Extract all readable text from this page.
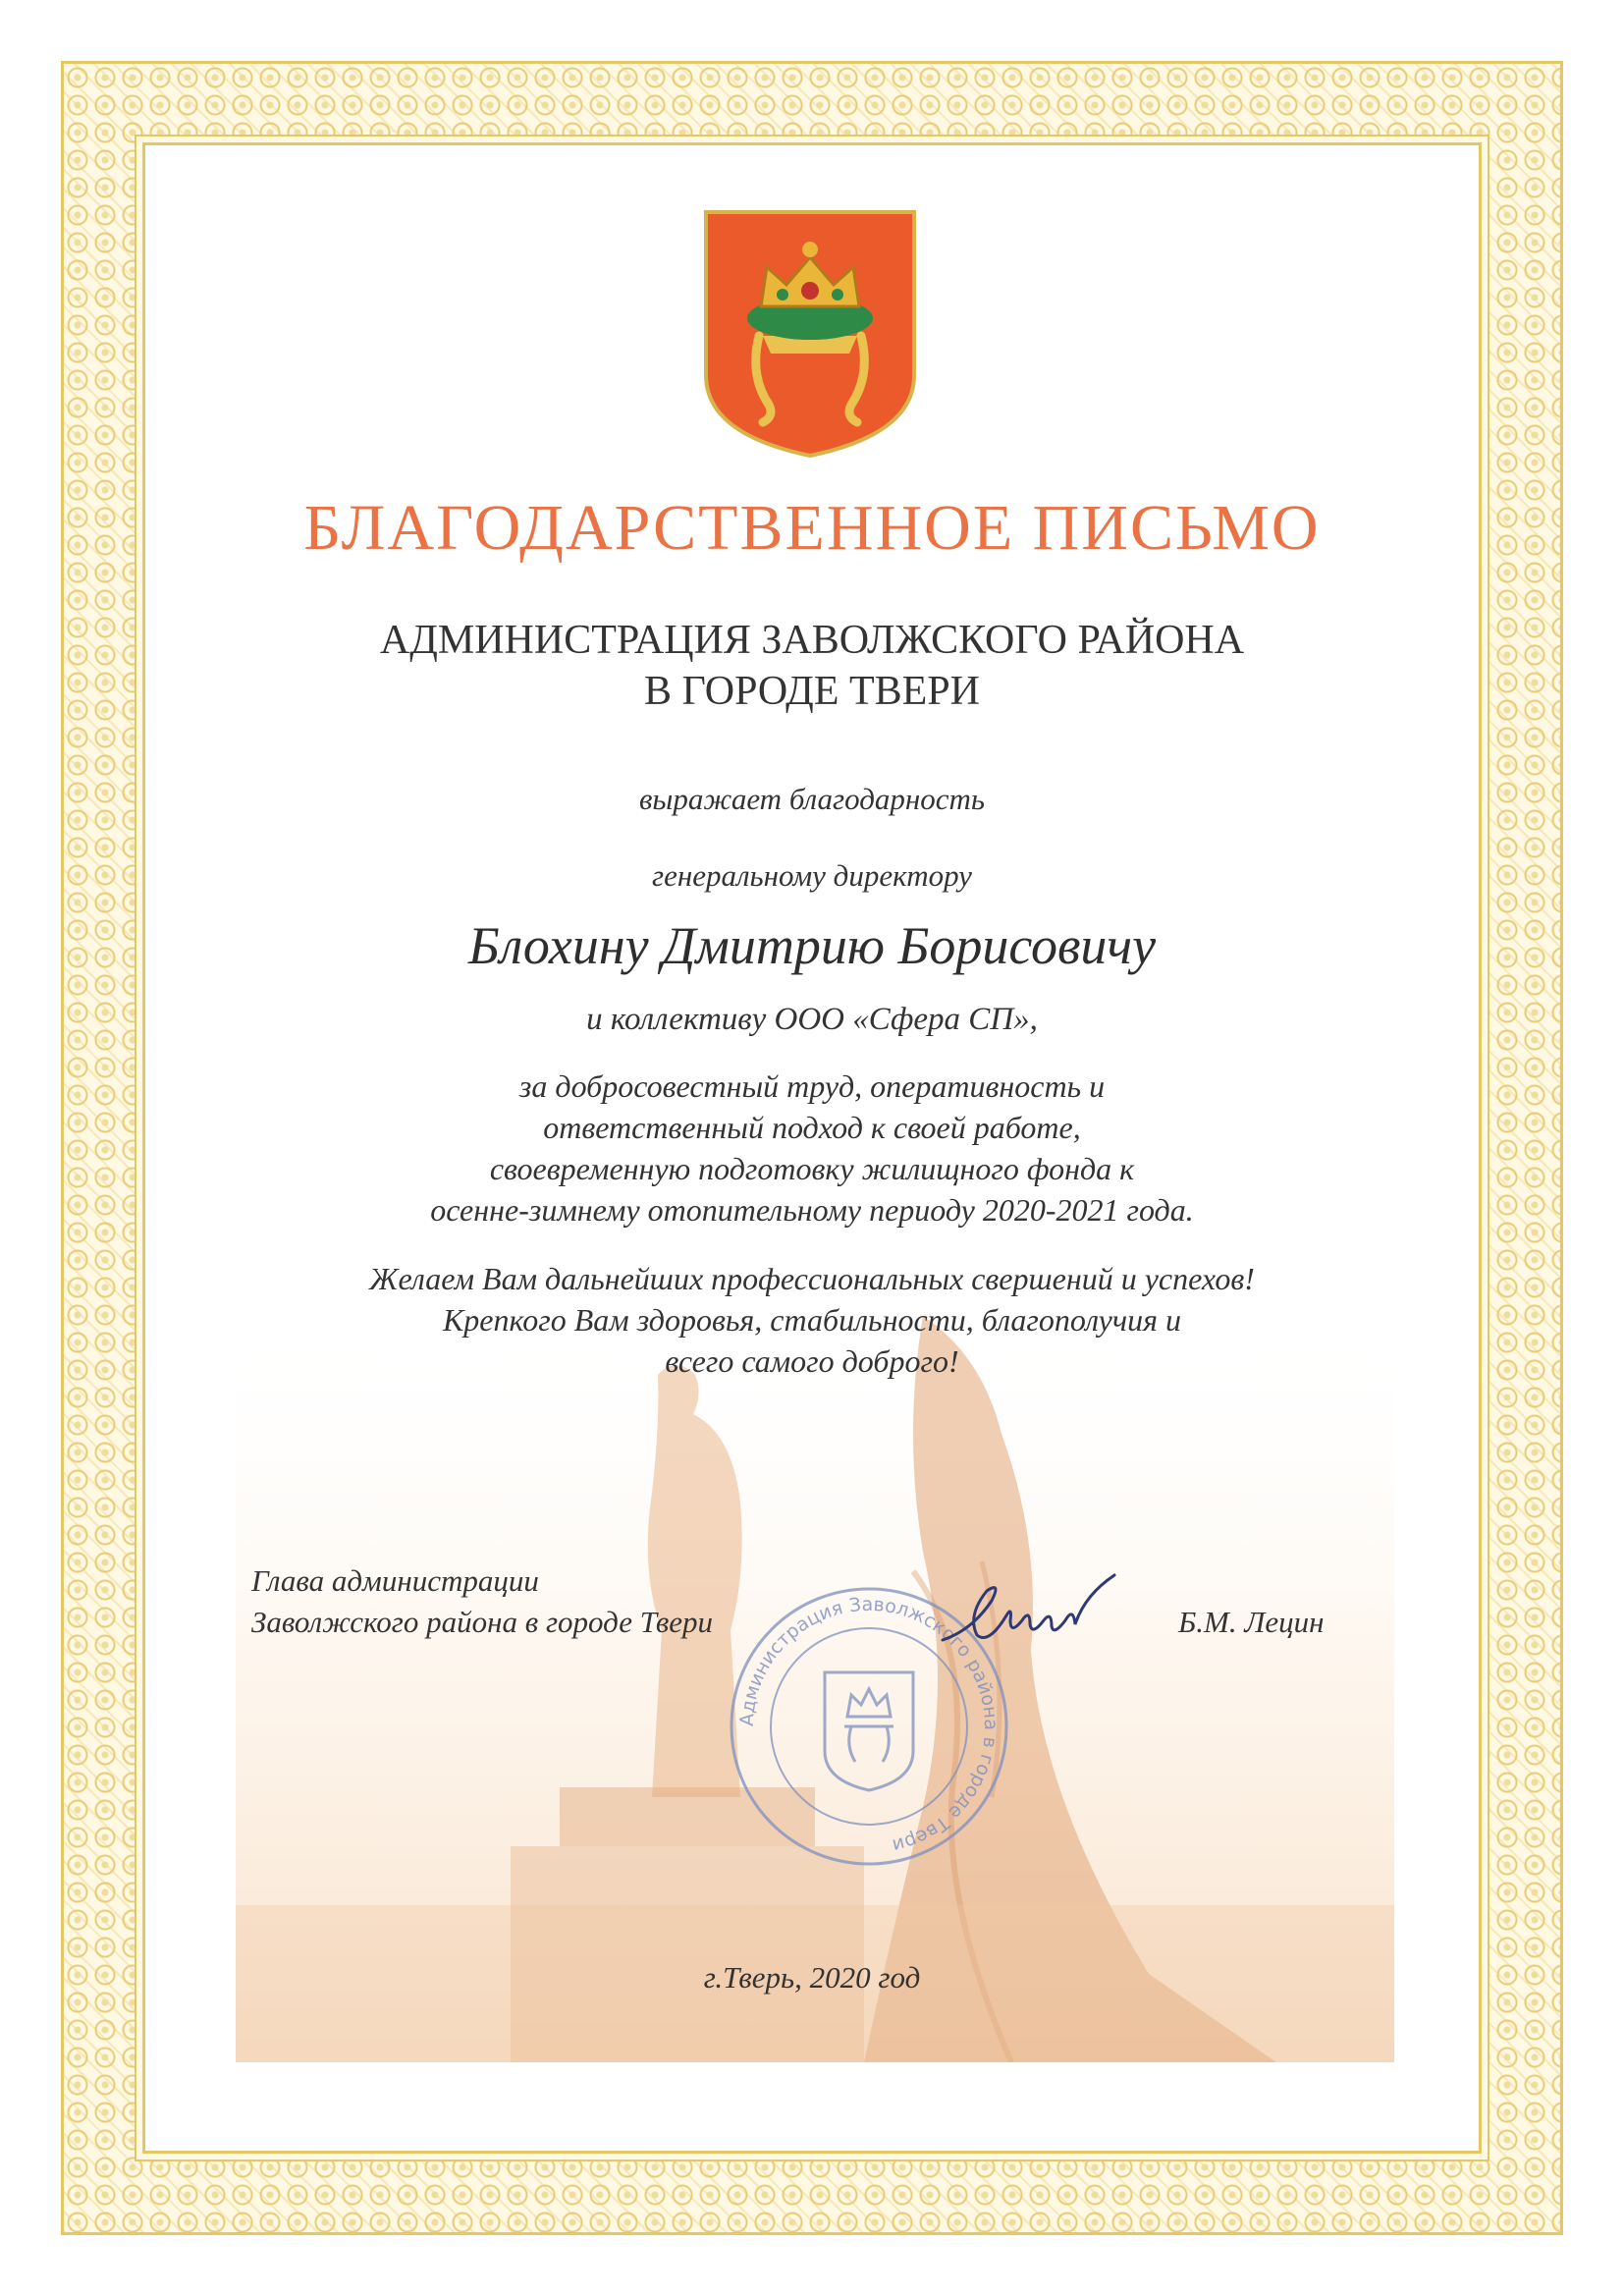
БЛАГОДАРСТВЕННОЕ ПИСЬМО

АДМИНИСТРАЦИЯ ЗАВОЛЖСКОГО РАЙОНА

В ГОРОДЕ ТВЕРИ

выражает благодарность

генеральному директору

Блохину Дмитрию Борисовичу

и коллективу ООО «Сфера СП»,

за добросовестный труд, оперативность и

ответственный подход к своей работе,

своевременную подготовку жилищного фонда к

осенне-зимнему отопительному периоду 2020-2021 года.

Желаем Вам дальнейших профессиональных свершений и успехов!

Крепкого Вам здоровья, стабильности, благополучия и

всего самого доброго!

Администрация Заволжского района в городе Твери

Глава администрации

Заволжского района в городе Твери	Б.М. Лецин

г.Тверь, 2020 год
